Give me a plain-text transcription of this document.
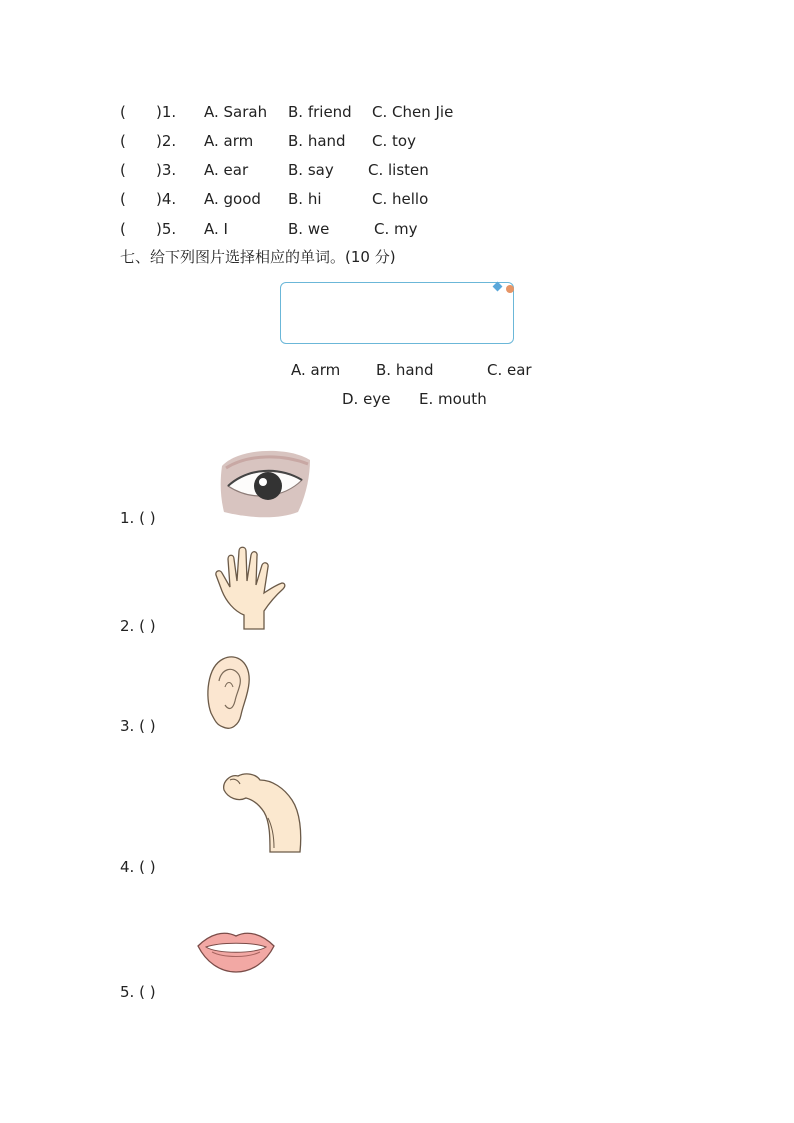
( )1. A. Sarah B. friend C. Chen Jie
( )2. A. arm B. hand C. toy
( )3. A. ear	B. say C. listen
( )4. A. good B. hi	C. hello
( )5. A. I	B. we	C. my
七、给下列图片选择相应的单词。(10 分)
A. arm B. hand	C. ear
D. eye E. mouth
1. ( )
2. ( )
3. ( )
4. ( )
5. ( )
